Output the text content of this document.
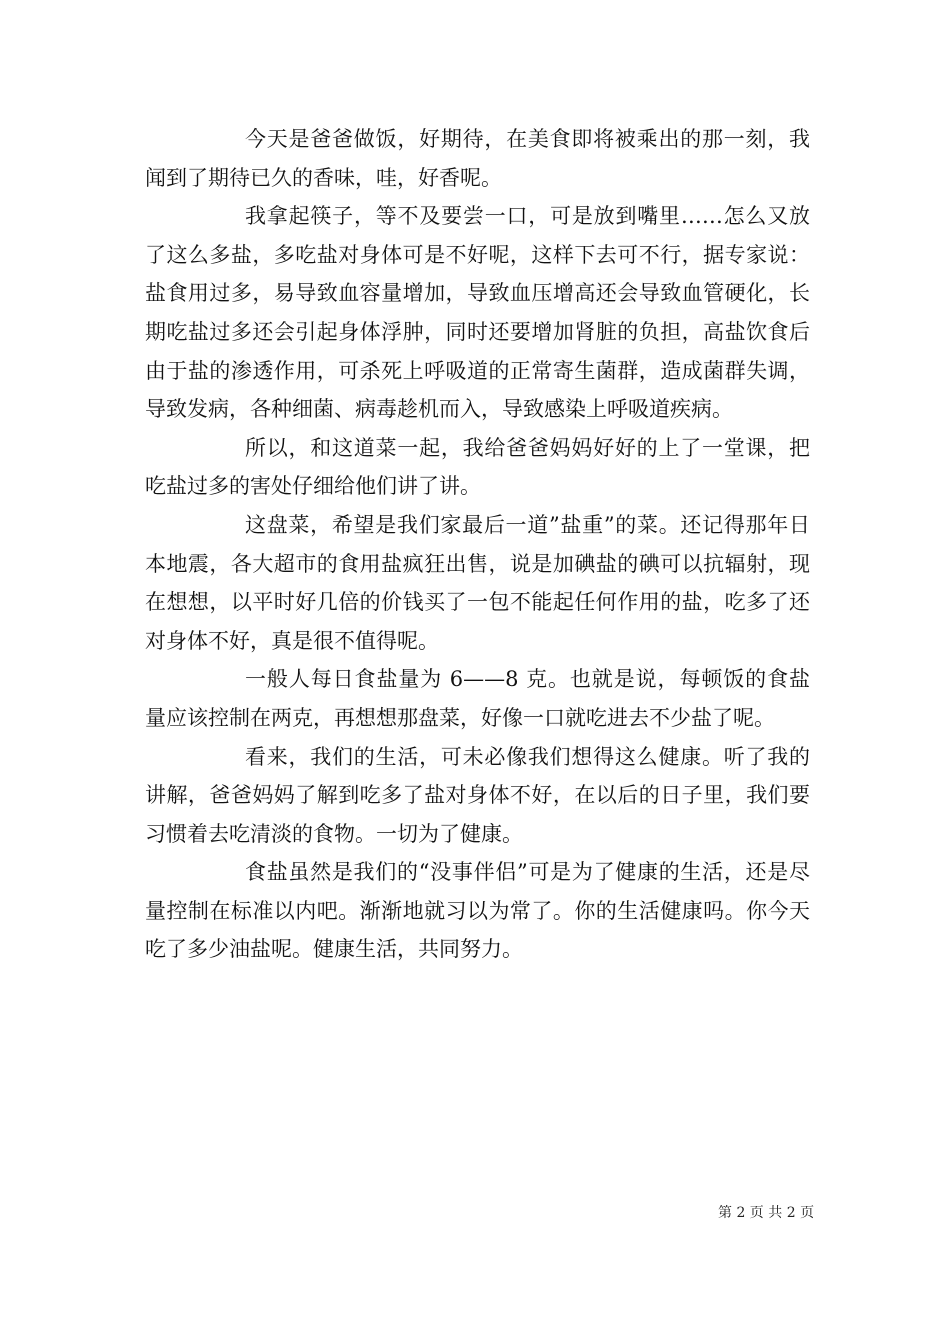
今天是爸爸做饭，好期待，在美食即将被乘出的那一刻，我闻到了期待已久的香味，哇，好香呢。

我拿起筷子，等不及要尝一口，可是放到嘴里……怎么又放了这么多盐，多吃盐对身体可是不好呢，这样下去可不行，据专家说：盐食用过多，易导致血容量增加，导致血压增高还会导致血管硬化，长期吃盐过多还会引起身体浮肿，同时还要增加肾脏的负担，高盐饮食后由于盐的渗透作用，可杀死上呼吸道的正常寄生菌群，造成菌群失调，导致发病，各种细菌、病毒趁机而入，导致感染上呼吸道疾病。

所以，和这道菜一起，我给爸爸妈妈好好的上了一堂课，把吃盐过多的害处仔细给他们讲了讲。

这盘菜，希望是我们家最后一道”盐重”的菜。还记得那年日本地震，各大超市的食用盐疯狂出售，说是加碘盐的碘可以抗辐射，现在想想，以平时好几倍的价钱买了一包不能起任何作用的盐，吃多了还对身体不好，真是很不值得呢。

一般人每日食盐量为 6——8 克。也就是说，每顿饭的食盐量应该控制在两克，再想想那盘菜，好像一口就吃进去不少盐了呢。

看来，我们的生活，可未必像我们想得这么健康。听了我的讲解，爸爸妈妈了解到吃多了盐对身体不好，在以后的日子里，我们要习惯着去吃清淡的食物。一切为了健康。

食盐虽然是我们的“没事伴侣”可是为了健康的生活，还是尽量控制在标准以内吧。渐渐地就习以为常了。你的生活健康吗。你今天吃了多少油盐呢。健康生活，共同努力。

第 2 页 共 2 页
